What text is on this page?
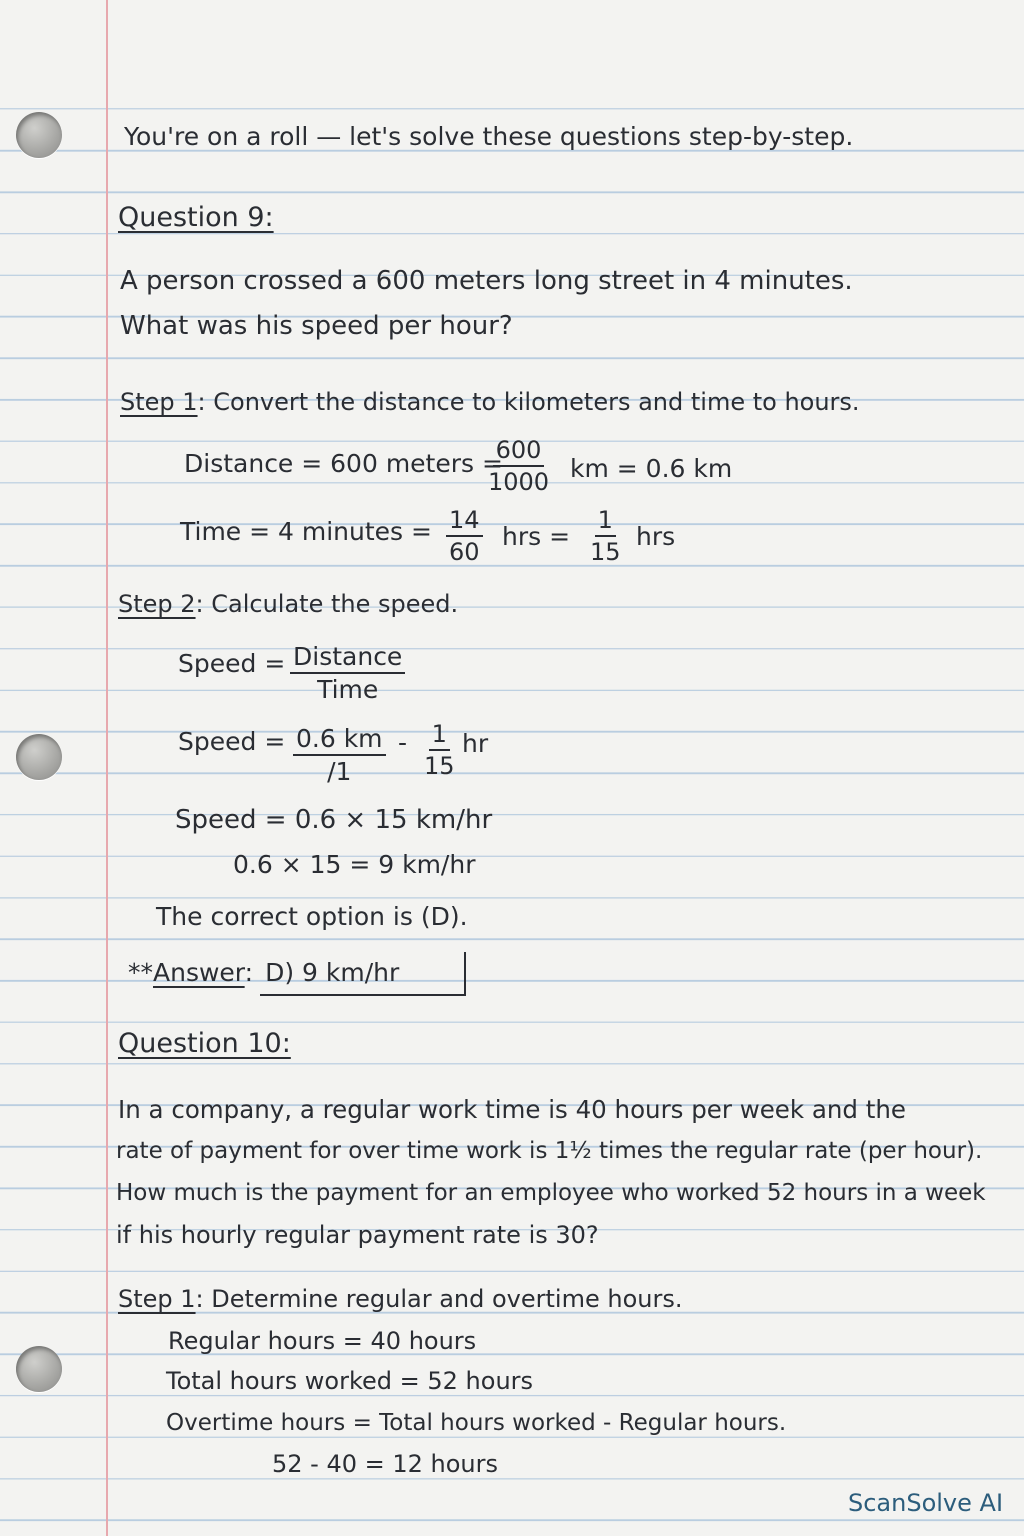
You're on a roll — let's solve these questions step-by-step.
Question 9:
A person crossed a 600 meters long street in 4 minutes.
What was his speed per hour?
Step 1: Convert the distance to kilometers and time to hours.
Distance = 600 meters =
$\frac{600}{1000}$ km = 0.6 km
Time = 4 minutes = $\frac{14}{60}$ hrs = $\frac{1}{15}$ hrs
Step 2: Calculate the speed.
Speed = Distance
Time
Speed = $\frac{0.6 km}{/1} - \frac{1}{15}$ hr
Speed = 0.6 × 15 km/hr
0.6 × 15 = 9 km/hr
The correct option is (D).
**Answer: D) 9 km/hr
Question 10:
In a company, a regular work time is 40 hours per week and the
rate of payment for over time work is 1½ times the regular rate (per hour).
How much is the payment for an employee who worked 52 hours in a week
if his hourly regular payment rate is 30?
Step 1: Determine regular and overtime hours.
Regular hours = 40 hours
Total hours worked = 52 hours
Overtime hours = Total hours worked - Regular hours.
52 - 40 = 12 hours
ScanSolve AI
